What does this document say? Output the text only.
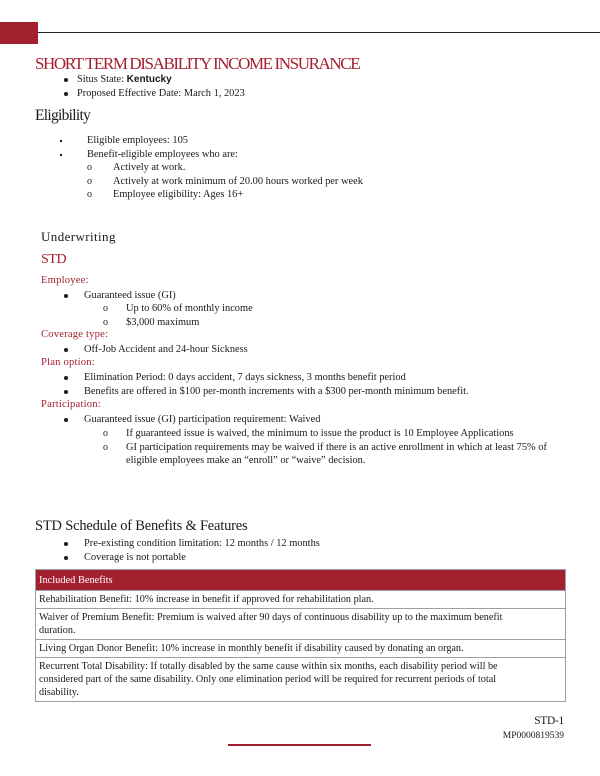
SHORT TERM DISABILITY INCOME INSURANCE
Situs State: Kentucky
Proposed Effective Date: March 1, 2023
Eligibility
Eligible employees: 105
Benefit-eligible employees who are:
o Actively at work.
o Actively at work minimum of 20.00 hours worked per week
o Employee eligibility: Ages 16+
Underwriting
STD
Employee:
Guaranteed issue (GI)
o Up to 60% of monthly income
o $3,000 maximum
Coverage type:
Off-Job Accident and 24-hour Sickness
Plan option:
Elimination Period: 0 days accident, 7 days sickness, 3 months benefit period
Benefits are offered in $100 per-month increments with a $300 per-month minimum benefit.
Participation:
Guaranteed issue (GI) participation requirement: Waived
o If guaranteed issue is waived, the minimum to issue the product is 10 Employee Applications
o GI participation requirements may be waived if there is an active enrollment in which at least 75% of
eligible employees make an “enroll” or “waive” decision.
STD Schedule of Benefits & Features
Pre-existing condition limitation: 12 months / 12 months
Coverage is not portable
Included Benefits

Rehabilitation Benefit: 10% increase in benefit if approved for rehabilitation plan.

Waiver of Premium Benefit: Premium is waived after 90 days of continuous disability up to the maximum benefit
duration.

Living Organ Donor Benefit: 10% increase in monthly benefit if disability caused by donating an organ.

Recurrent Total Disability: If totally disabled by the same cause within six months, each disability period will be
considered part of the same disability. Only one elimination period will be required for recurrent periods of total
disability.
STD-1
MP0000819539
